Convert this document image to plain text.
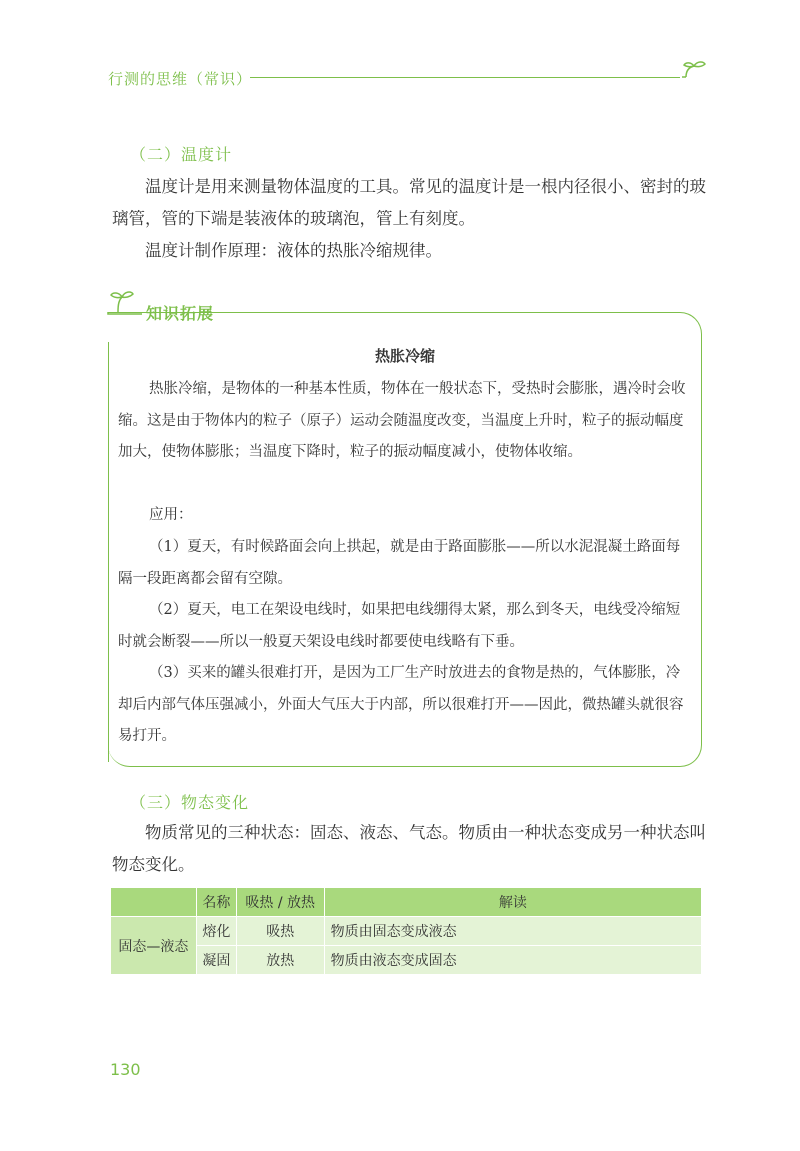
行测的思维（常识）
（二）温度计
温度计是用来测量物体温度的工具。常见的温度计是一根内径很小、密封的玻璃管，管的下端是装液体的玻璃泡，管上有刻度。
温度计制作原理：液体的热胀冷缩规律。
知识拓展
热胀冷缩
热胀冷缩，是物体的一种基本性质，物体在一般状态下，受热时会膨胀，遇冷时会收缩。这是由于物体内的粒子（原子）运动会随温度改变，当温度上升时，粒子的振动幅度加大，使物体膨胀；当温度下降时，粒子的振动幅度减小，使物体收缩。
应用：
（1）夏天，有时候路面会向上拱起，就是由于路面膨胀——所以水泥混凝土路面每隔一段距离都会留有空隙。
（2）夏天，电工在架设电线时，如果把电线绷得太紧，那么到冬天，电线受冷缩短时就会断裂——所以一般夏天架设电线时都要使电线略有下垂。
（3）买来的罐头很难打开，是因为工厂生产时放进去的食物是热的，气体膨胀，冷却后内部气体压强减小，外面大气压大于内部，所以很难打开——因此，微热罐头就很容易打开。
（三）物态变化
物质常见的三种状态：固态、液态、气态。物质由一种状态变成另一种状态叫物态变化。
	名称	吸热 / 放热	解读
固态—液态	熔化	吸热	物质由固态变成液态
	凝固	放热	物质由液态变成固态
130
